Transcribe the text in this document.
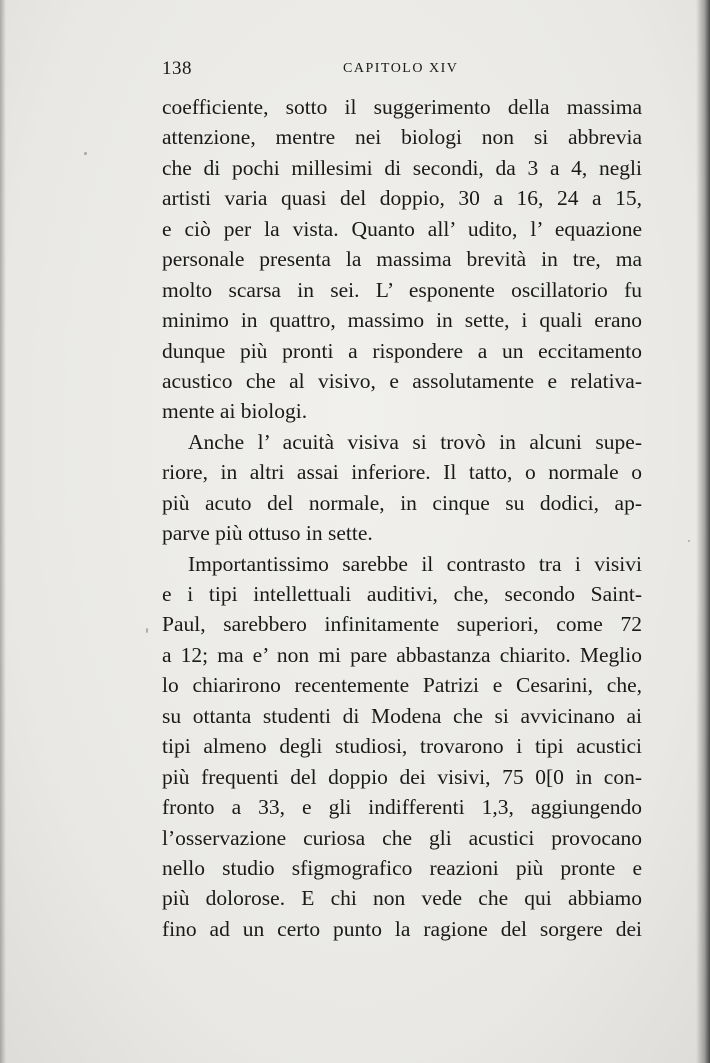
138	CAPITOLO XIV
coefficiente, sotto il suggerimento della massima
attenzione, mentre nei biologi non si abbrevia
che di pochi millesimi di secondi, da 3 a 4, negli
artisti varia quasi del doppio, 30 a 16, 24 a 15,
e ciò per la vista. Quanto all’ udito, l’ equazione
personale presenta la massima brevità in tre, ma
molto scarsa in sei. L’ esponente oscillatorio fu
minimo in quattro, massimo in sette, i quali erano
dunque più pronti a rispondere a un eccitamento
acustico che al visivo, e assolutamente e relativa-
mente ai biologi.
Anche l’ acuità visiva si trovò in alcuni supe-
riore, in altri assai inferiore. Il tatto, o normale o
più acuto del normale, in cinque su dodici, ap-
parve più ottuso in sette.
Importantissimo sarebbe il contrasto tra i visivi
e i tipi intellettuali auditivi, che, secondo Saint-
Paul, sarebbero infinitamente superiori, come 72
a 12; ma e’ non mi pare abbastanza chiarito. Meglio
lo chiarirono recentemente Patrizi e Cesarini, che,
su ottanta studenti di Modena che si avvicinano ai
tipi almeno degli studiosi, trovarono i tipi acustici
più frequenti del doppio dei visivi, 75 0[0 in con-
fronto a 33, e gli indifferenti 1,3, aggiungendo
l’osservazione curiosa che gli acustici provocano
nello studio sfigmografico reazioni più pronte e
più dolorose. E chi non vede che qui abbiamo
fino ad un certo punto la ragione del sorgere dei
